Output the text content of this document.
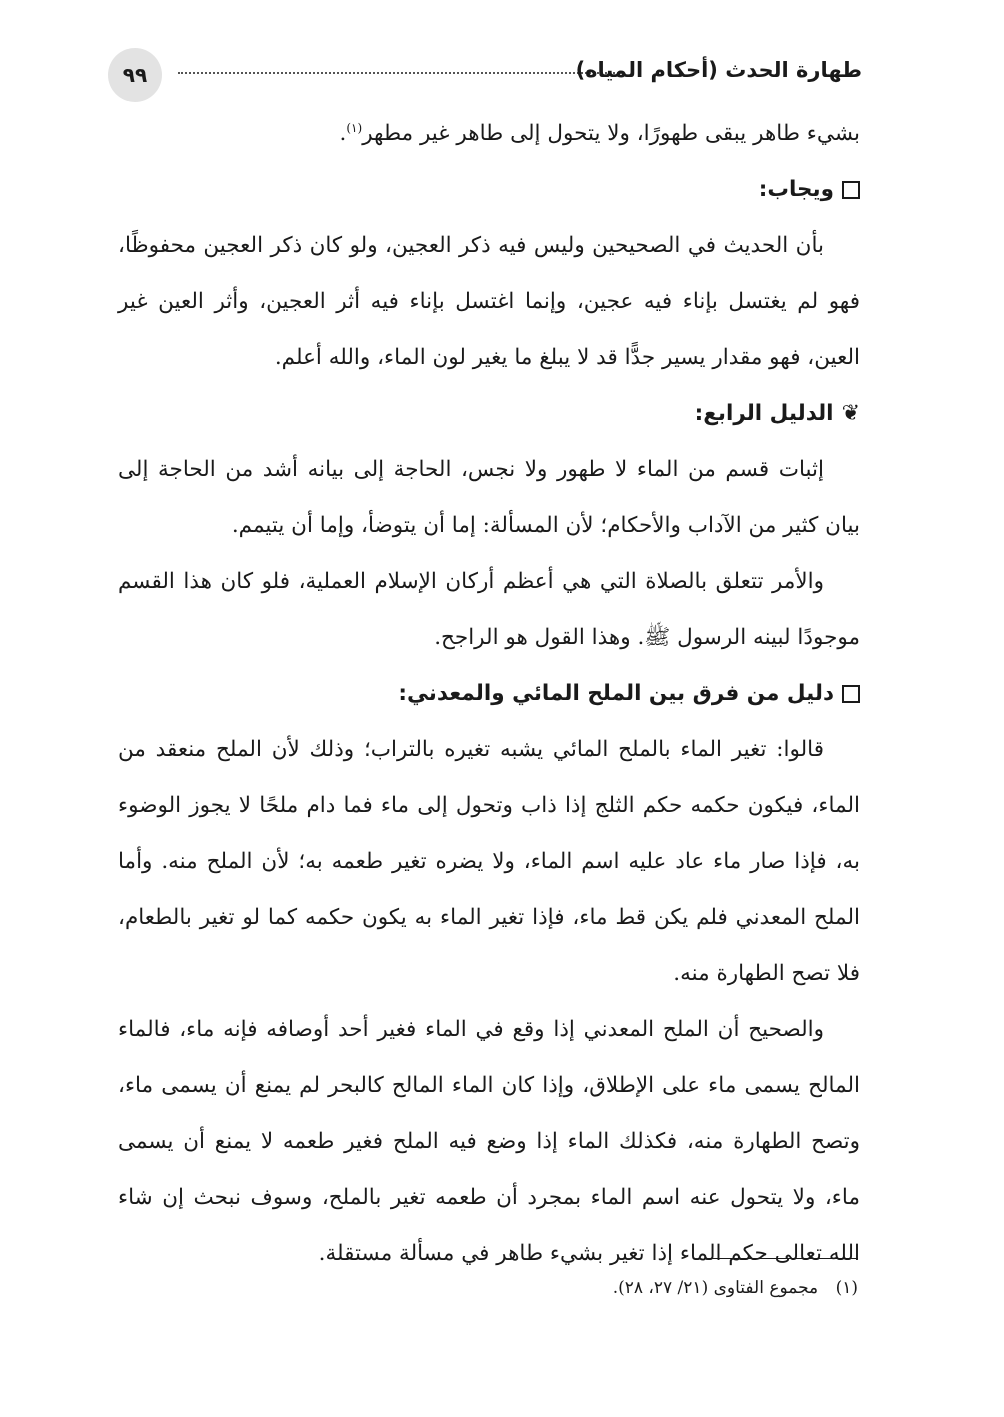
٩٩	طهارة الحدث (أحكام المياه)

بشيء طاهر يبقى طهورًا، ولا يتحول إلى طاهر غير مطهر$^{(١)}$.

ويجاب:

بأن الحديث في الصحيحين وليس فيه ذكر العجين، ولو كان ذكر العجين محفوظًا، فهو لم يغتسل بإناء فيه عجين، وإنما اغتسل بإناء فيه أثر العجين، وأثر العين غير العين، فهو مقدار يسير جدًّا قد لا يبلغ ما يغير لون الماء، والله أعلم.

❦الدليل الرابع:

إثبات قسم من الماء لا طهور ولا نجس، الحاجة إلى بيانه أشد من الحاجة إلى بيان كثير من الآداب والأحكام؛ لأن المسألة: إما أن يتوضأ، وإما أن يتيمم.

والأمر تتعلق بالصلاة التي هي أعظم أركان الإسلام العملية، فلو كان هذا القسم موجودًا لبينه الرسول ﷺ. وهذا القول هو الراجح.

دليل من فرق بين الملح المائي والمعدني:

قالوا: تغير الماء بالملح المائي يشبه تغيره بالتراب؛ وذلك لأن الملح منعقد من الماء، فيكون حكمه حكم الثلج إذا ذاب وتحول إلى ماء فما دام ملحًا لا يجوز الوضوء به، فإذا صار ماء عاد عليه اسم الماء، ولا يضره تغير طعمه به؛ لأن الملح منه. وأما الملح المعدني فلم يكن قط ماء، فإذا تغير الماء به يكون حكمه كما لو تغير بالطعام، فلا تصح الطهارة منه.

والصحيح أن الملح المعدني إذا وقع في الماء فغير أحد أوصافه فإنه ماء، فالماء المالح يسمى ماء على الإطلاق، وإذا كان الماء المالح كالبحر لم يمنع أن يسمى ماء، وتصح الطهارة منه، فكذلك الماء إذا وضع فيه الملح فغير طعمه لا يمنع أن يسمى ماء، ولا يتحول عنه اسم الماء بمجرد أن طعمه تغير بالملح، وسوف نبحث إن شاء الله تعالى حكم الماء إذا تغير بشيء طاهر في مسألة مستقلة.

(١) مجموع الفتاوى (٢١/ ٢٧، ٢٨).
